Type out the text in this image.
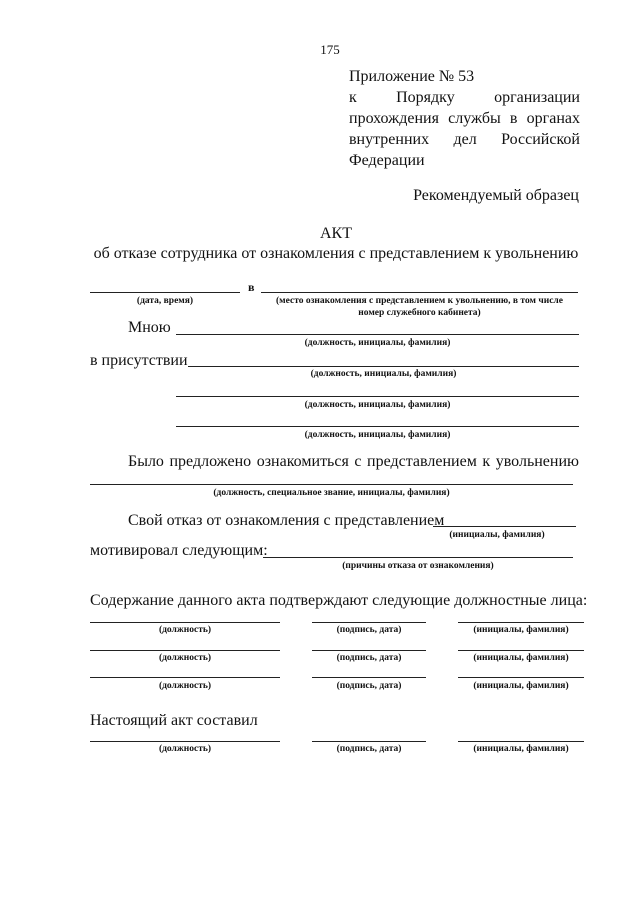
175
Приложение № 53
к Порядку организации
прохождения службы в органах
внутренних дел Российской
Федерации
Рекомендуемый образец
АКТ
об отказе сотрудника от ознакомления с представлением к увольнению
в
(дата, время)	(место ознакомления с представлением к увольнению, в том числе
номер служебного кабинета)
Мною
(должность, инициалы, фамилия)
в присутствии
(должность, инициалы, фамилия)
(должность, инициалы, фамилия)
(должность, инициалы, фамилия)
Было предложено ознакомиться с представлением к увольнению
(должность, специальное звание, инициалы, фамилия)
Свой отказ от ознакомления с представлением
(инициалы, фамилия)
мотивировал следующим:
(причины отказа от ознакомления)
Содержание данного акта подтверждают следующие должностные лица:
(должность)	(подпись, дата)	(инициалы, фамилия)
(должность)	(подпись, дата)	(инициалы, фамилия)
(должность)	(подпись, дата)	(инициалы, фамилия)
Настоящий акт составил
(должность)	(подпись, дата)	(инициалы, фамилия)
